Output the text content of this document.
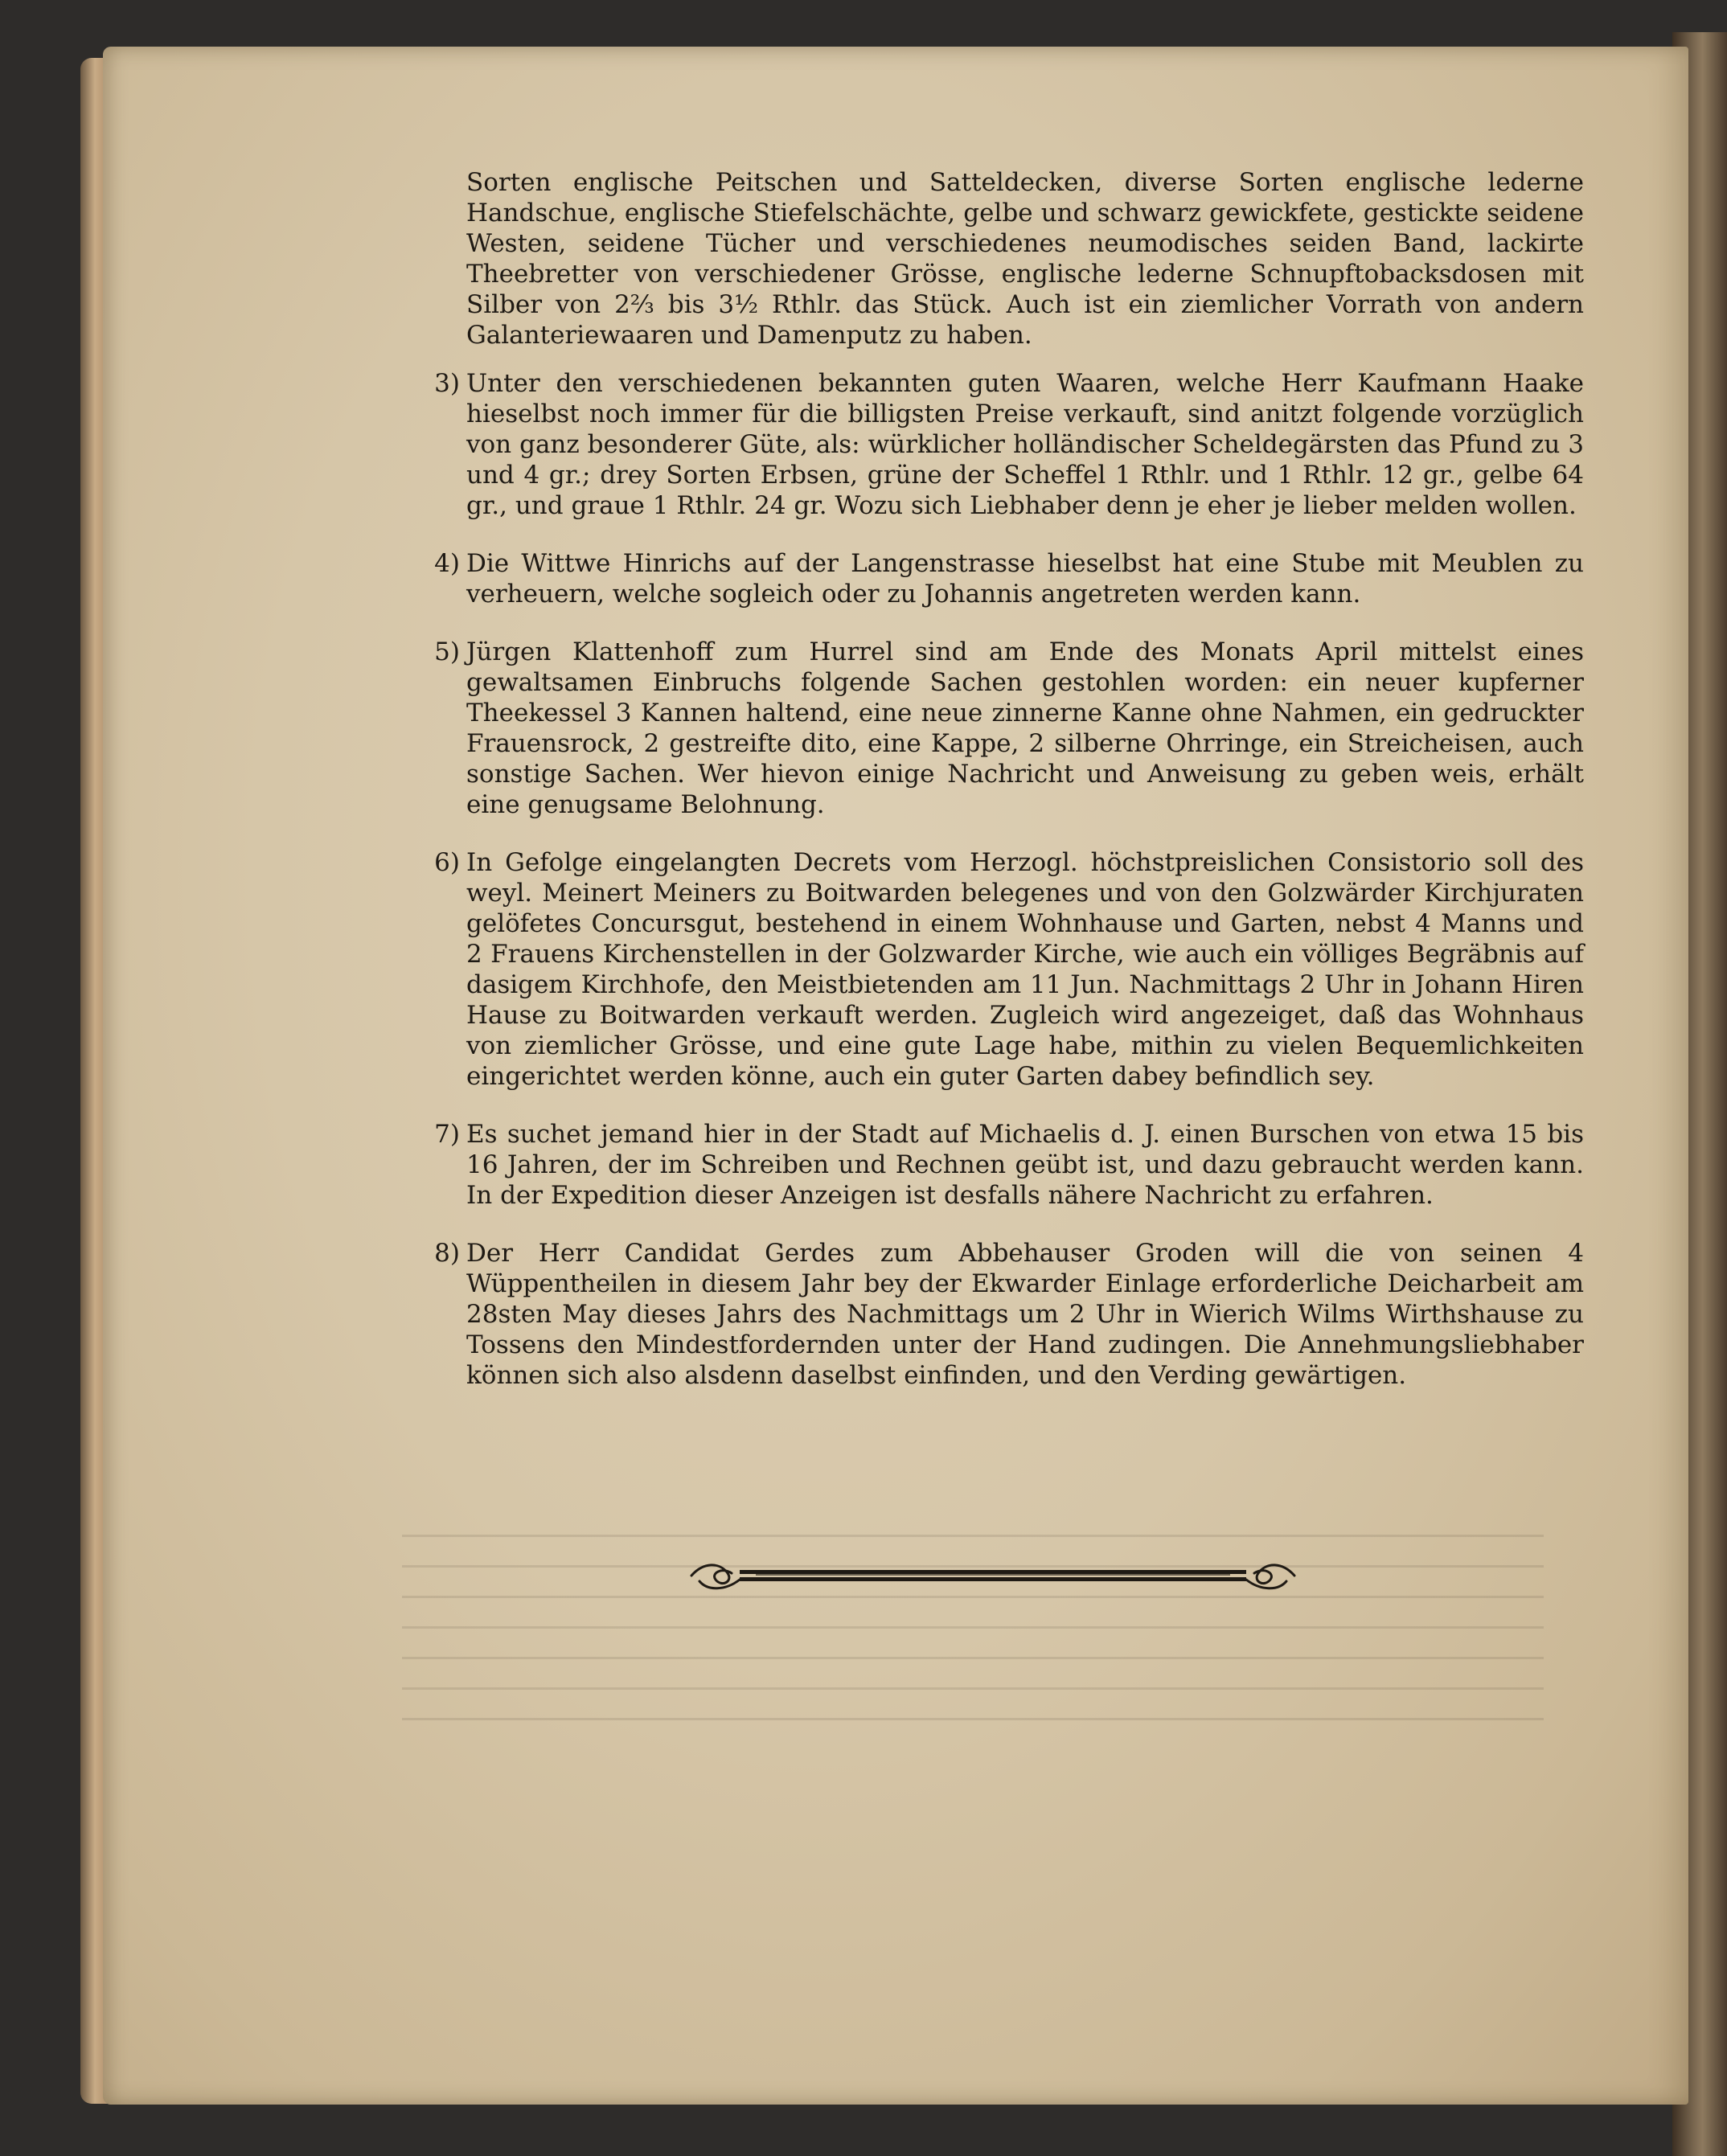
Sorten englische Peitschen und Satteldecken, diverse Sorten englische lederne Handschue, englische Stiefelschächte, gelbe und schwarz gewickfete, gestickte seidene Westen, seidene Tücher und verschiedenes neumodisches seiden Band, lackirte Theebretter von verschiedener Grösse, englische lederne Schnupftobacksdosen mit Silber von 2⅔ bis 3½ Rthlr. das Stück. Auch ist ein ziemlicher Vorrath von andern Galanteriewaaren und Damenputz zu haben.

3) Unter den verschiedenen bekannten guten Waaren, welche Herr Kaufmann Haake hieselbst noch immer für die billigsten Preise verkauft, sind anitzt folgende vorzüglich von ganz besonderer Güte, als: würklicher holländischer Scheldegärsten das Pfund zu 3 und 4 gr.; drey Sorten Erbsen, grüne der Scheffel 1 Rthlr. und 1 Rthlr. 12 gr., gelbe 64 gr., und graue 1 Rthlr. 24 gr. Wozu sich Liebhaber denn je eher je lieber melden wollen.

4) Die Wittwe Hinrichs auf der Langenstrasse hieselbst hat eine Stube mit Meublen zu verheuern, welche sogleich oder zu Johannis angetreten werden kann.

5) Jürgen Klattenhoff zum Hurrel sind am Ende des Monats April mittelst eines gewaltsamen Einbruchs folgende Sachen gestohlen worden: ein neuer kupferner Theekessel 3 Kannen haltend, eine neue zinnerne Kanne ohne Nahmen, ein gedruckter Frauensrock, 2 gestreifte dito, eine Kappe, 2 silberne Ohrringe, ein Streicheisen, auch sonstige Sachen. Wer hievon einige Nachricht und Anweisung zu geben weis, erhält eine genugsame Belohnung.

6) In Gefolge eingelangten Decrets vom Herzogl. höchstpreislichen Consistorio soll des weyl. Meinert Meiners zu Boitwarden belegenes und von den Golzwärder Kirchjuraten gelöfetes Concursgut, bestehend in einem Wohnhause und Garten, nebst 4 Manns und 2 Frauens Kirchenstellen in der Golzwarder Kirche, wie auch ein völliges Begräbnis auf dasigem Kirchhofe, den Meistbietenden am 11 Jun. Nachmittags 2 Uhr in Johann Hiren Hause zu Boitwarden verkauft werden. Zugleich wird angezeiget, daß das Wohnhaus von ziemlicher Grösse, und eine gute Lage habe, mithin zu vielen Bequemlichkeiten eingerichtet werden könne, auch ein guter Garten dabey befindlich sey.

7) Es suchet jemand hier in der Stadt auf Michaelis d. J. einen Burschen von etwa 15 bis 16 Jahren, der im Schreiben und Rechnen geübt ist, und dazu gebraucht werden kann. In der Expedition dieser Anzeigen ist desfalls nähere Nachricht zu erfahren.

8) Der Herr Candidat Gerdes zum Abbehauser Groden will die von seinen 4 Wüppentheilen in diesem Jahr bey der Ekwarder Einlage erforderliche Deicharbeit am 28sten May dieses Jahrs des Nachmittags um 2 Uhr in Wierich Wilms Wirthshause zu Tossens den Mindestfordernden unter der Hand zudingen. Die Annehmungsliebhaber können sich also alsdenn daselbst einfinden, und den Verding gewärtigen.
